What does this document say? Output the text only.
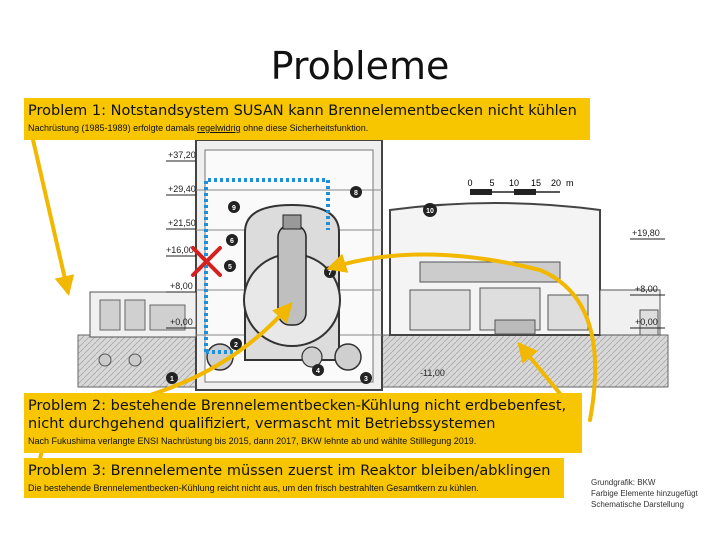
Probleme
0 5 10 15 20 m
+37,20
+29,40
+21,50
+16,00
+8,00
+0,00
-11,00
+19,80
+8,00
+0,00
1
2
3
4
5
6
7
8
9	10
Problem 1: Notstandsystem SUSAN kann Brennelementbecken nicht kühlen
Nachrüstung (1985-1989) erfolgte damals regelwidrig ohne diese Sicherheitsfunktion.
Problem 2: bestehende Brennelementbecken-Kühlung nicht erdbebenfest,
nicht durchgehend qualifiziert, vermascht mit Betriebssystemen
Nach Fukushima verlangte ENSI Nachrüstung bis 2015, dann 2017, BKW lehnte ab und wählte Stilllegung 2019.
Problem 3: Brennelemente müssen zuerst im Reaktor bleiben/abklingen
Die bestehende Brennelementbecken-Kühlung reicht nicht aus, um den frisch bestrahlten Gesamtkern zu kühlen.
Grundgrafik: BKW
Farbige Elemente hinzugefügt
Schematische Darstellung
